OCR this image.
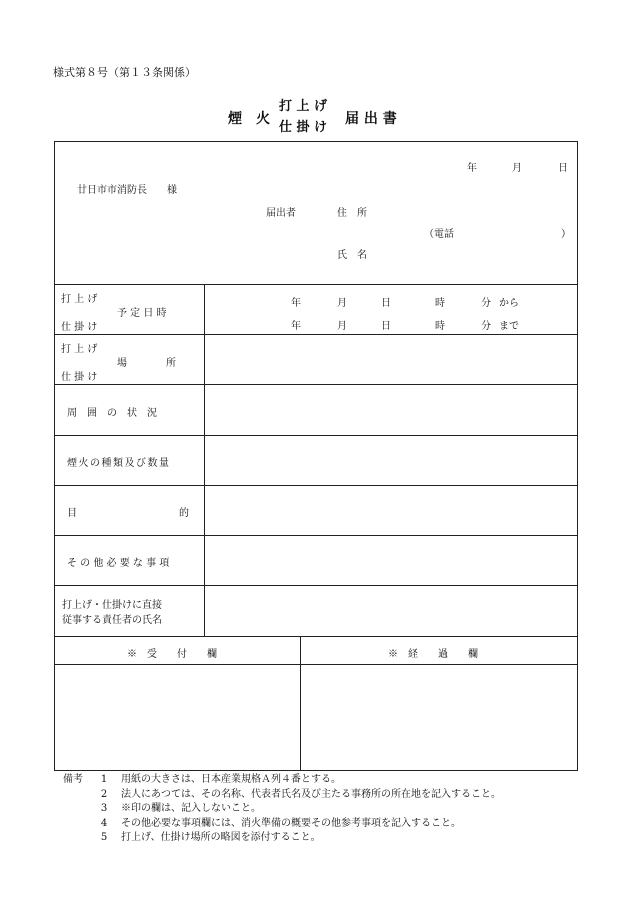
様式第８号（第１３条関係）
煙　火
打 上 げ
仕 掛 け
届 出 書
年	月	日
廿日市市消防長　　様
届出者	住　所
（電話	）
氏　名
打 上 げ
予 定 日 時
仕 掛 け
年	月	日	時	分 から
年	月	日	時	分 まで
打 上 げ
場	所
仕 掛 け
周　囲　の　状　況
煙火の種類及び数量
目	的
そ の 他 必 要 な 事 項
打上げ・仕掛けに直接
従事する責任者の氏名
※　受　　付　　欄	※　経　　過　　欄
備考	1	用紙の大きさは、日本産業規格Ａ列４番とする。
2	法人にあつては、その名称、代表者氏名及び主たる事務所の所在地を記入すること。
3	※印の欄は、記入しないこと。
4	その他必要な事項欄には、消火準備の概要その他参考事項を記入すること。
5	打上げ、仕掛け場所の略図を添付すること。
